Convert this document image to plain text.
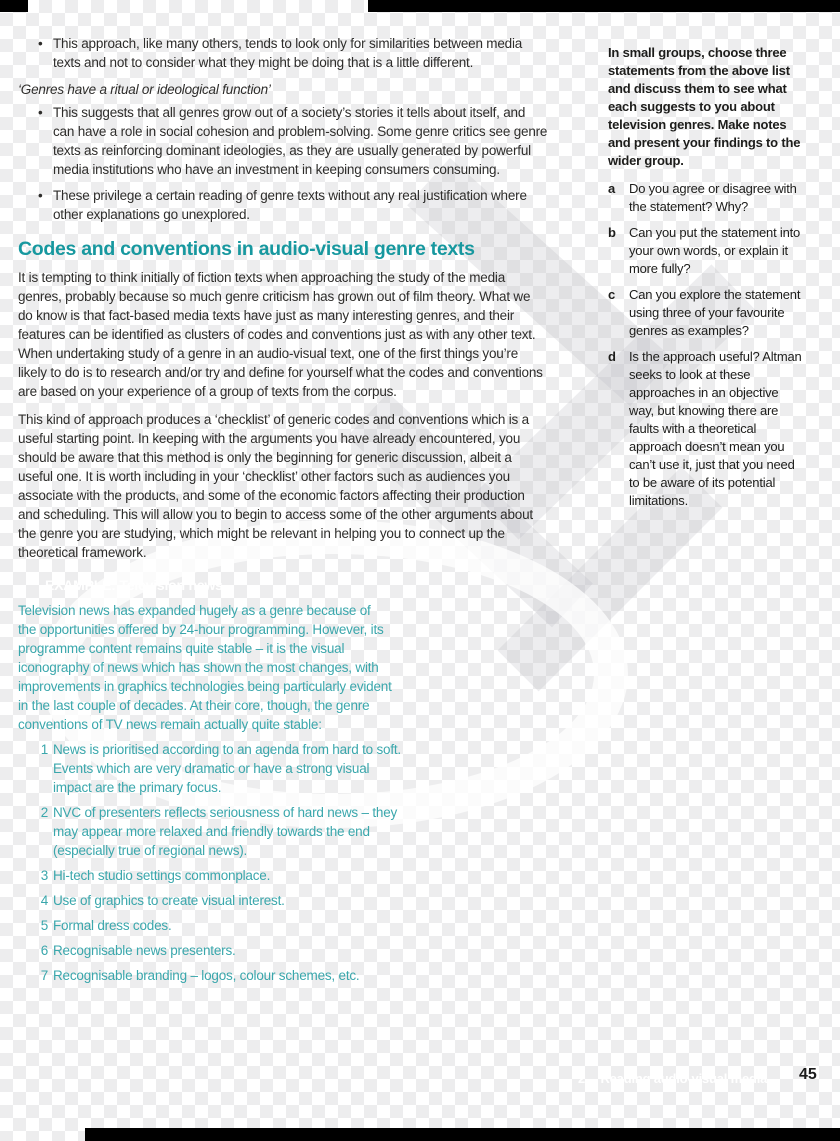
• This approach, like many others, tends to look only for similarities between media texts and not to consider what they might be doing that is a little different.

‘Genres have a ritual or ideological function’

• This suggests that all genres grow out of a society’s stories it tells about itself, and can have a role in social cohesion and problem-solving. Some genre critics see genre texts as reinforcing dominant ideologies, as they are usually generated by powerful media institutions who have an investment in keeping consumers consuming.
• These privilege a certain reading of genre texts without any real justification where other explanations go unexplored.
Codes and conventions in audio-visual genre texts

It is tempting to think initially of fiction texts when approaching the study of the media genres, probably because so much genre criticism has grown out of film theory. What we do know is that fact-based media texts have just as many interesting genres, and their features can be identified as clusters of codes and conventions just as with any other text. When undertaking study of a genre in an audio-visual text, one of the first things you’re likely to do is to research and/or try and define for yourself what the codes and conventions are based on your experience of a group of texts from the corpus.

This kind of approach produces a ‘checklist’ of generic codes and conventions which is a useful starting point. In keeping with the arguments you have already encountered, you should be aware that this method is only the beginning for generic discussion, albeit a useful one. It is worth including in your ‘checklist’ other factors such as audiences you associate with the products, and some of the economic factors affecting their production and scheduling. This will allow you to begin to access some of the other arguments about the genre you are studying, which might be relevant in helping you to connect up the theoretical framework.

EXAMPLE: Television news

Television news has expanded hugely as a genre because of the opportunities offered by 24-hour programming. However, its programme content remains quite stable – it is the visual iconography of news which has shown the most changes, with improvements in graphics technologies being particularly evident in the last couple of decades. At their core, though, the genre conventions of TV news remain actually quite stable:

1 News is prioritised according to an agenda from hard to soft. Events which are very dramatic or have a strong visual impact are the primary focus.
2 NVC of presenters reflects seriousness of hard news – they may appear more relaxed and friendly towards the end (especially true of regional news).
3 Hi-tech studio settings commonplace.
4 Use of graphics to create visual interest.
5 Formal dress codes.
6 Recognisable news presenters.
7 Recognisable branding – logos, colour schemes, etc.

In small groups, choose three statements from the above list and discuss them to see what each suggests to you about television genres. Make notes and present your findings to the wider group.

a Do you agree or disagree with the statement? Why?
b Can you put the statement into your own words, or explain it more fully?
c Can you explore the statement using three of your favourite genres as examples?
d Is the approach useful? Altman seeks to look at these approaches in an objective way, but knowing there are faults with a theoretical approach doesn’t mean you can’t use it, just that you need to be aware of its potential limitations.
2 Reading audio-visual media 45
